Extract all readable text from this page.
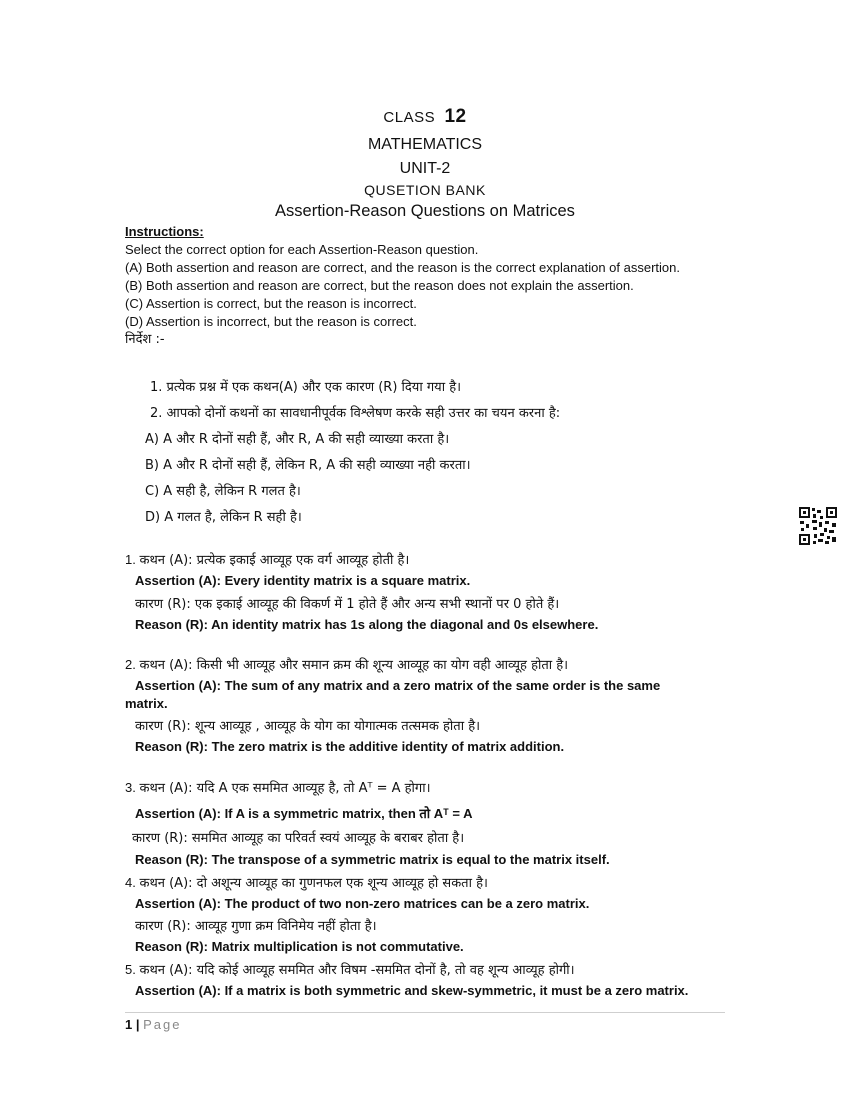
CLASS 12
MATHEMATICS
UNIT-2
QUSETION BANK
Assertion-Reason Questions on Matrices
Instructions:
Select the correct option for each Assertion-Reason question.
(A) Both assertion and reason are correct, and the reason is the correct explanation of assertion.
(B) Both assertion and reason are correct, but the reason does not explain the assertion.
(C) Assertion is correct, but the reason is incorrect.
(D) Assertion is incorrect, but the reason is correct.
निर्देश :-
1. प्रत्येक प्रश्न में एक कथन(A) और एक कारण (R) दिया गया है।
2. आपको दोनों कथनों का सावधानीपूर्वक विश्लेषण करके सही उत्तर का चयन करना है:
A) A और R दोनों सही हैं, और R, A की सही व्याख्या करता है।
B) A और R दोनों सही हैं, लेकिन R, A की सही व्याख्या नही करता।
C) A सही है, लेकिन R गलत है।
D) A गलत है, लेकिन R सही है।
1. कथन (A): प्रत्येक इकाई आव्यूह एक वर्ग आव्यूह होती है।
Assertion (A): Every identity matrix is a square matrix.
कारण (R): एक इकाई आव्यूह की विकर्ण में 1 होते हैं और अन्य सभी स्थानों पर 0 होते हैं।
Reason (R): An identity matrix has 1s along the diagonal and 0s elsewhere.
2. कथन (A): किसी भी आव्यूह और समान क्रम की शून्य आव्यूह का योग वही आव्यूह होता है।
Assertion (A): The sum of any matrix and a zero matrix of the same order is the same
matrix.
कारण (R): शून्य आव्यूह , आव्यूह के योग का योगात्मक तत्समक होता है।
Reason (R): The zero matrix is the additive identity of matrix addition.
3. कथन (A): यदि A एक सममित आव्यूह है, तो Aᵀ = A होगा।
Assertion (A): If A is a symmetric matrix, then तो Aᵀ = A
कारण (R): सममित आव्यूह का परिवर्त स्वयं आव्यूह के बराबर होता है।
Reason (R): The transpose of a symmetric matrix is equal to the matrix itself.
4. कथन (A): दो अशून्य आव्यूह का गुणनफल एक शून्य आव्यूह हो सकता है।
Assertion (A): The product of two non-zero matrices can be a zero matrix.
कारण (R): आव्यूह गुणा क्रम विनिमेय नहीं होता है।
Reason (R): Matrix multiplication is not commutative.
5. कथन (A): यदि कोई आव्यूह सममित और विषम -सममित दोनों है, तो वह शून्य आव्यूह होगी।
Assertion (A): If a matrix is both symmetric and skew-symmetric, it must be a zero matrix.
1 | Page
